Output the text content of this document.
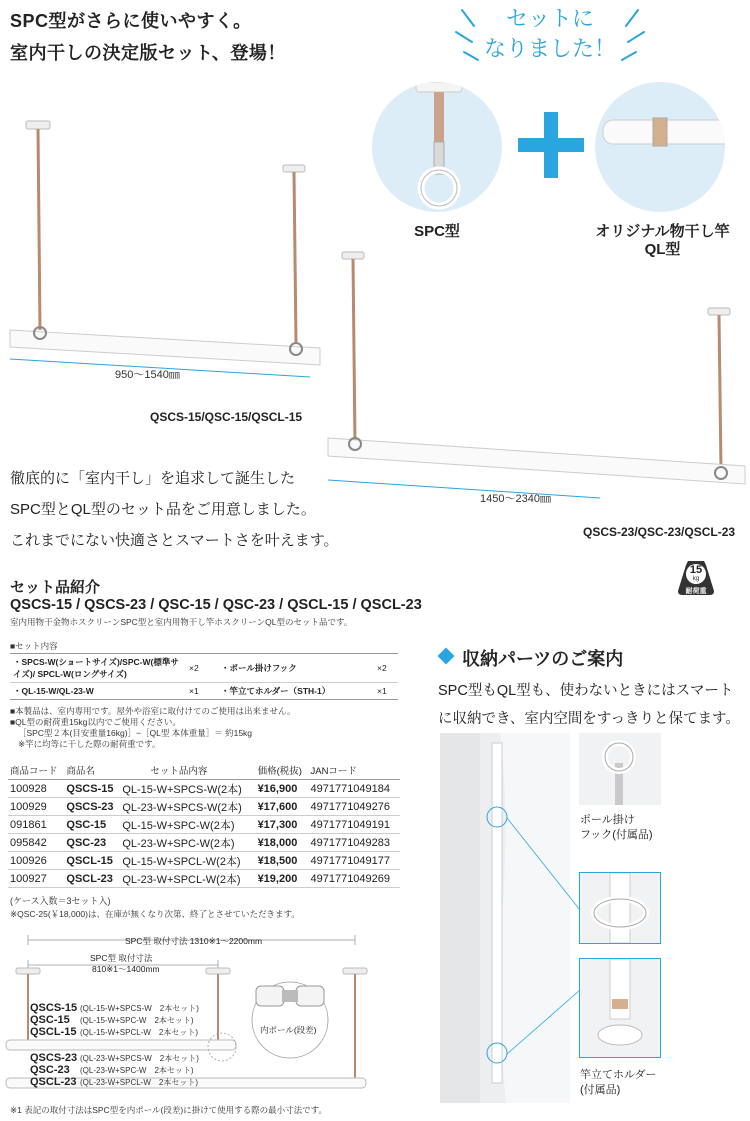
SPC型がさらに使いやすく。
室内干しの決定版セット、登場！
セットに
なりました！
SPC型	オリジナル物干し竿
QL型
950〜1540㎜
QSCS-15/QSC-15/QSCL-15
1450〜2340㎜
QSCS-23/QSC-23/QSCL-23
徹底的に「室内干し」を追求して誕生した
SPC型とQL型のセット品をご用意しました。
これまでにない快適さとスマートさを叶えます。
15
kg
耐荷重
セット品紹介
QSCS-15 / QSCS-23 / QSC-15 / QSC-23 / QSCL-15 / QSCL-23
室内用物干金物ホスクリーンSPC型と室内用物干し竿ホスクリーンQL型のセット品です。
■セット内容
・SPCS-W(ショートサイズ)/SPC-W(標準サイズ)/ SPCL-W(ロングサイズ)	×2	・ポール掛けフック	×2
・QL-15-W/QL-23-W	×1	・竿立てホルダー（STH-1）	×1
■本製品は、室内専用です。屋外や浴室に取付けてのご使用は出来ません。
■QL型の耐荷重15kg以内でご使用ください。
［SPC型２本(目安重量16kg)］−［QL型 本体重量］＝ 約15kg
※竿に均等に干した際の耐荷重です。
商品コード	商品名	セット品内容	価格(税抜)	JANコード
100928	QSCS-15	QL-15-W+SPCS-W(2本)	¥16,900	4971771049184
100929	QSCS-23	QL-23-W+SPCS-W(2本)	¥17,600	4971771049276
091861	QSC-15	QL-15-W+SPC-W(2本)	¥17,300	4971771049191
095842	QSC-23	QL-23-W+SPC-W(2本)	¥18,000	4971771049283
100926	QSCL-15	QL-15-W+SPCL-W(2本)	¥18,500	4971771049177
100927	QSCL-23	QL-23-W+SPCL-W(2本)	¥19,200	4971771049269
(ケース入数＝3セット入)
※QSC-25(￥18,000)は、在庫が無くなり次第、終了とさせていただきます。
SPC型 取付寸法 1310※1〜2200mm
SPC型 取付寸法
810※1〜1400mm
内ポール(段差)
QSCS-15 (QL-15-W+SPCS-W　2本セット)
QSC-15 (QL-15-W+SPC-W　2本セット)
QSCL-15 (QL-15-W+SPCL-W　2本セット)
QSCS-23 (QL-23-W+SPCS-W　2本セット)
QSC-23 (QL-23-W+SPC-W　2本セット)
QSCL-23 (QL-23-W+SPCL-W　2本セット)
※1 表記の取付寸法はSPC型を内ポール(段差)に掛けて使用する際の最小寸法です。
収納パーツのご案内
SPC型もQL型も、使わないときにはスマート
に収納でき、室内空間をすっきりと保てます。
ポール掛け
フック(付属品)
竿立てホルダー
(付属品)
